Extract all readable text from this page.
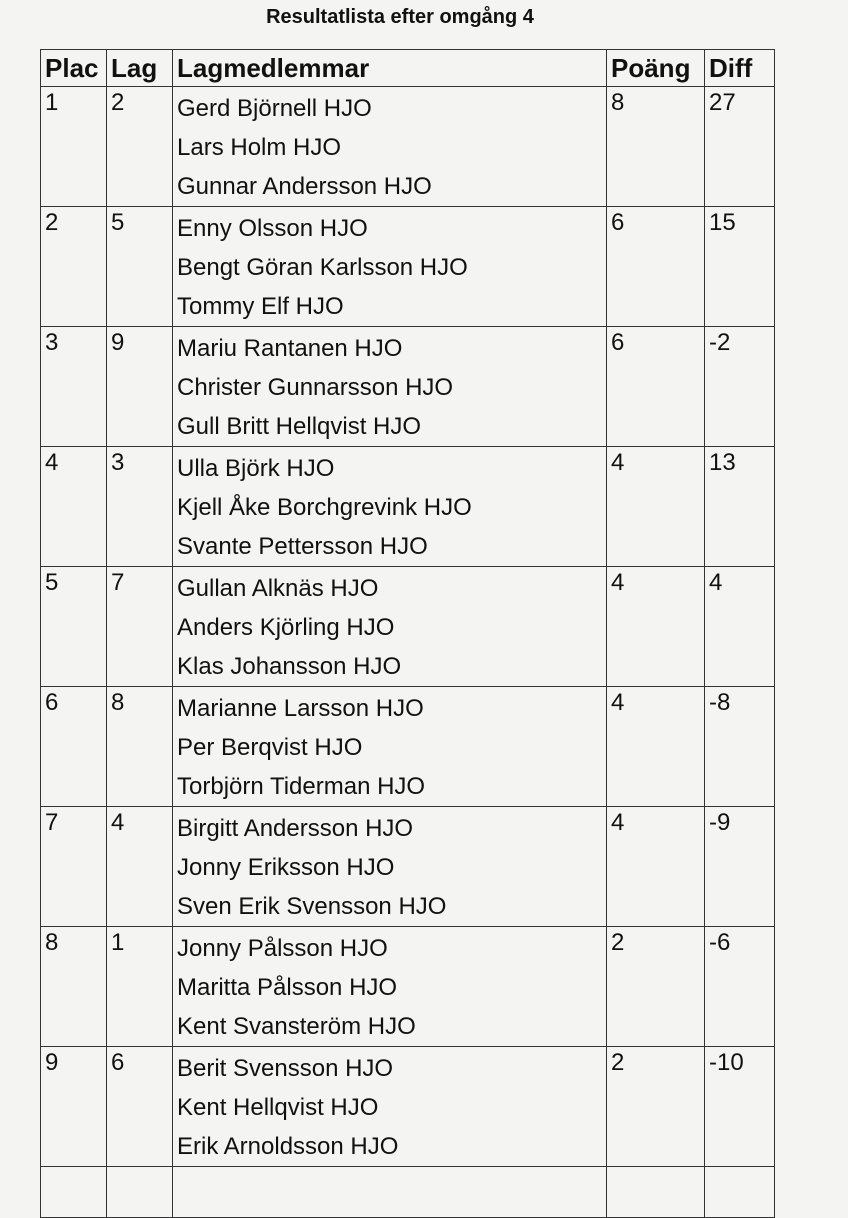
Resultatlista efter omgång 4
Plac	Lag	Lagmedlemmar	Poäng	Diff
1	2	Gerd Björnell HJO
Lars Holm HJO
Gunnar Andersson HJO	8	27
2	5	Enny Olsson HJO
Bengt Göran Karlsson HJO
Tommy Elf HJO	6	15
3	9	Mariu Rantanen HJO
Christer Gunnarsson HJO
Gull Britt Hellqvist HJO	6	-2
4	3	Ulla Björk HJO
Kjell Åke Borchgrevink HJO
Svante Pettersson HJO	4	13
5	7	Gullan Alknäs HJO
Anders Kjörling HJO
Klas Johansson HJO	4	4
6	8	Marianne Larsson HJO
Per Berqvist HJO
Torbjörn Tiderman HJO	4	-8
7	4	Birgitt Andersson HJO
Jonny Eriksson HJO
Sven Erik Svensson HJO	4	-9
8	1	Jonny Pålsson HJO
Maritta Pålsson HJO
Kent Svansteröm HJO	2	-6
9	6	Berit Svensson HJO
Kent Hellqvist HJO
Erik Arnoldsson HJO	2	-10
